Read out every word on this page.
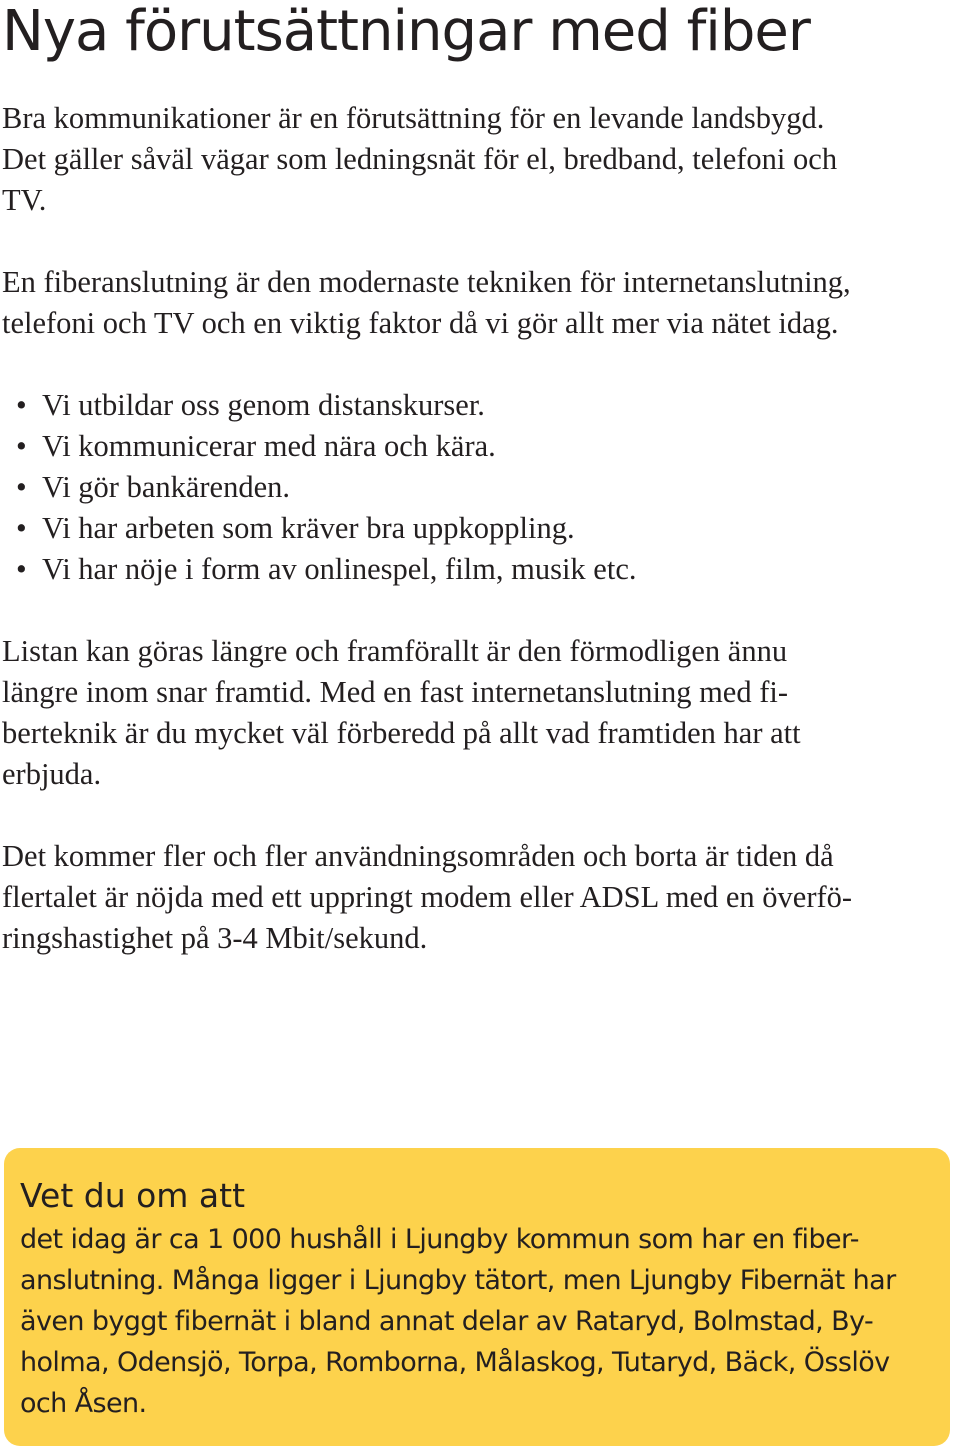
Nya förutsättningar med fiber
Bra kommunikationer är en förutsättning för en levande landsbygd.
Det gäller såväl vägar som ledningsnät för el, bredband, telefoni och
TV.
En fiberanslutning är den modernaste tekniken för internetanslutning,
telefoni och TV och en viktig faktor då vi gör allt mer via nätet idag.
• Vi utbildar oss genom distanskurser.
• Vi kommunicerar med nära och kära.
• Vi gör bankärenden.
• Vi har arbeten som kräver bra uppkoppling.
• Vi har nöje i form av onlinespel, film, musik etc.
Listan kan göras längre och framförallt är den förmodligen ännu
längre inom snar framtid. Med en fast internetanslutning med fi-
berteknik är du mycket väl förberedd på allt vad framtiden har att
erbjuda.
Det kommer fler och fler användningsområden och borta är tiden då
flertalet är nöjda med ett uppringt modem eller ADSL med en överfö-
ringshastighet på 3-4 Mbit/sekund.
Vet du om att
det idag är ca 1 000 hushåll i Ljungby kommun som har en fiber-
anslutning. Många ligger i Ljungby tätort, men Ljungby Fibernät har
även byggt fibernät i bland annat delar av Rataryd, Bolmstad, By-
holma, Odensjö, Torpa, Romborna, Målaskog, Tutaryd, Bäck, Össlöv
och Åsen.
